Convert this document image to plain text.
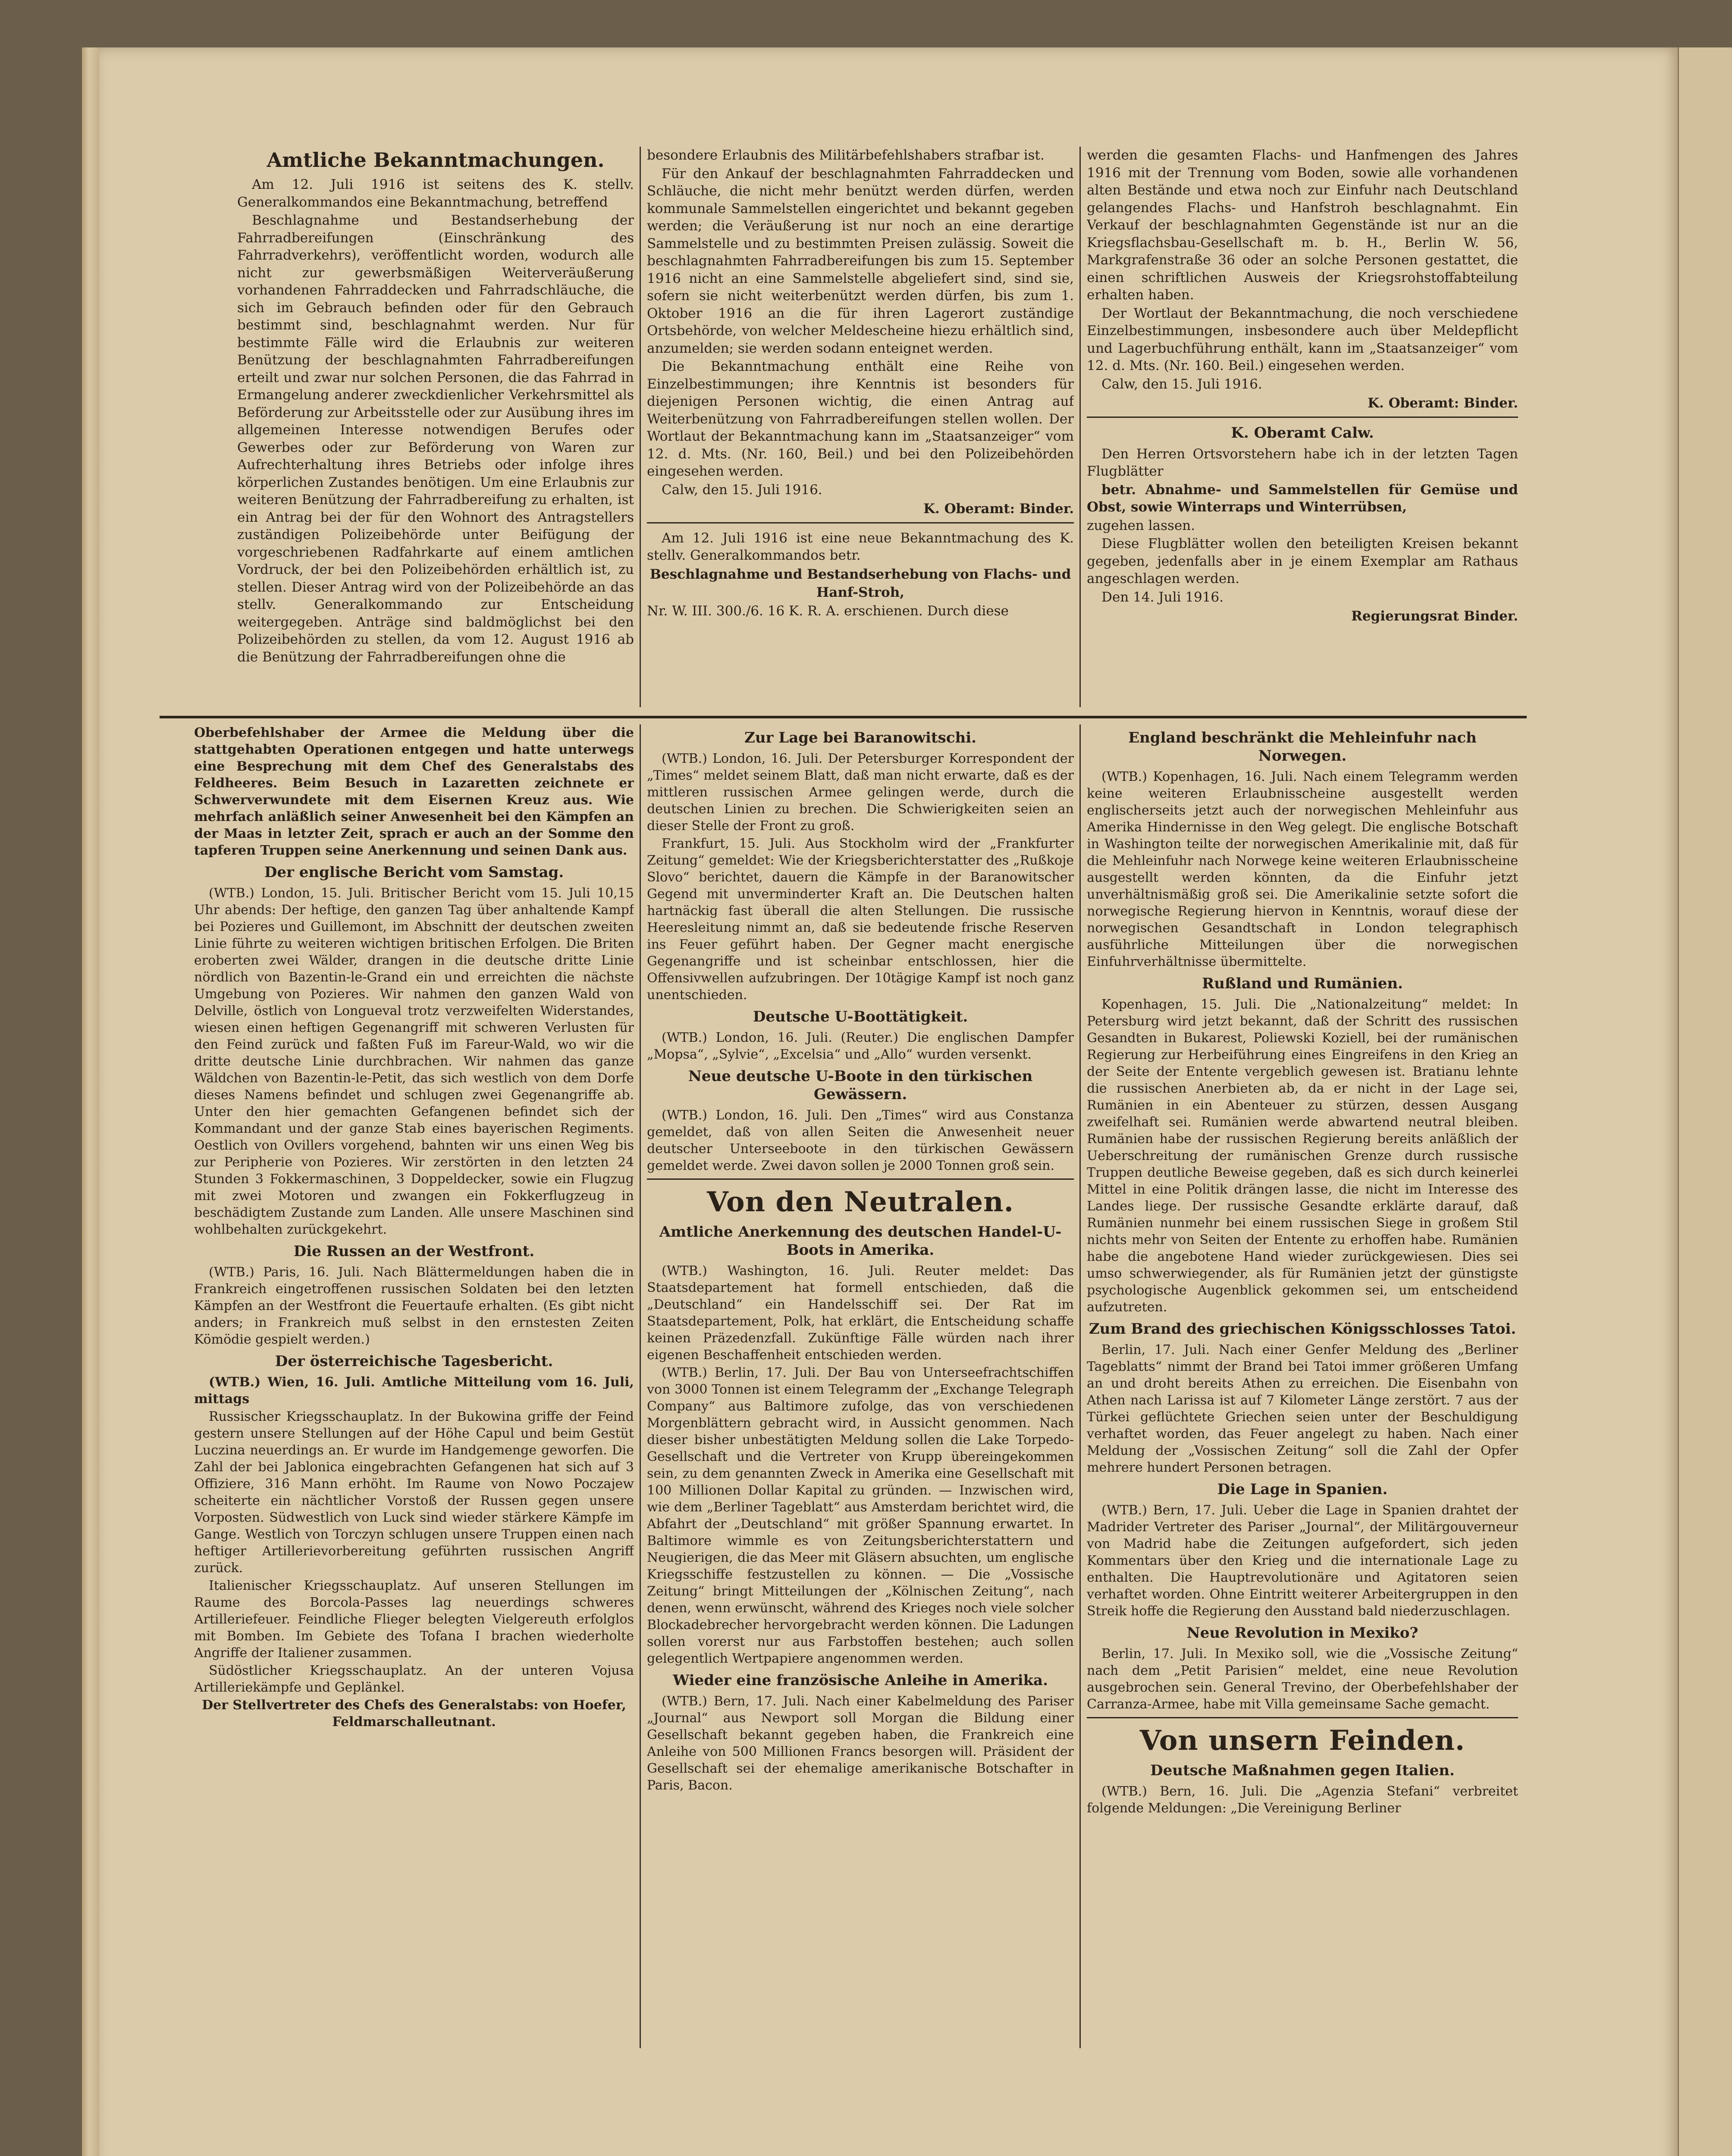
Amtliche Bekanntmachungen.

Am 12. Juli 1916 ist seitens des K. stellv. Generalkommandos eine Bekanntmachung, betreffend

Beschlagnahme und Bestandserhebung der Fahrradbereifungen (Einschränkung des Fahrradverkehrs), veröffentlicht worden, wodurch alle nicht zur gewerbsmäßigen Weiterveräußerung vorhandenen Fahrraddecken und Fahrradschläuche, die sich im Gebrauch befinden oder für den Gebrauch bestimmt sind, beschlagnahmt werden. Nur für bestimmte Fälle wird die Erlaubnis zur weiteren Benützung der beschlagnahmten Fahrradbereifungen erteilt und zwar nur solchen Personen, die das Fahrrad in Ermangelung anderer zweckdienlicher Verkehrsmittel als Beförderung zur Arbeitsstelle oder zur Ausübung ihres im allgemeinen Interesse notwendigen Berufes oder Gewerbes oder zur Beförderung von Waren zur Aufrechterhaltung ihres Betriebs oder infolge ihres körperlichen Zustandes benötigen. Um eine Erlaubnis zur weiteren Benützung der Fahrradbereifung zu erhalten, ist ein Antrag bei der für den Wohnort des Antragstellers zuständigen Polizeibehörde unter Beifügung der vorgeschriebenen Radfahrkarte auf einem amtlichen Vordruck, der bei den Polizeibehörden erhältlich ist, zu stellen. Dieser Antrag wird von der Polizeibehörde an das stellv. Generalkommando zur Entscheidung weitergegeben. Anträge sind baldmöglichst bei den Polizeibehörden zu stellen, da vom 12. August 1916 ab die Benützung der Fahrradbereifungen ohne die

besondere Erlaubnis des Militärbefehlshabers strafbar ist.

Für den Ankauf der beschlagnahmten Fahrraddecken und Schläuche, die nicht mehr benützt werden dürfen, werden kommunale Sammelstellen eingerichtet und bekannt gegeben werden; die Veräußerung ist nur noch an eine derartige Sammelstelle und zu bestimmten Preisen zulässig. Soweit die beschlagnahmten Fahrradbereifungen bis zum 15. September 1916 nicht an eine Sammelstelle abgeliefert sind, sind sie, sofern sie nicht weiterbenützt werden dürfen, bis zum 1. Oktober 1916 an die für ihren Lagerort zuständige Ortsbehörde, von welcher Meldescheine hiezu erhältlich sind, anzumelden; sie werden sodann enteignet werden.

Die Bekanntmachung enthält eine Reihe von Einzelbestimmungen; ihre Kenntnis ist besonders für diejenigen Personen wichtig, die einen Antrag auf Weiterbenützung von Fahrradbereifungen stellen wollen. Der Wortlaut der Bekanntmachung kann im „Staatsanzeiger“ vom 12. d. Mts. (Nr. 160, Beil.) und bei den Polizeibehörden eingesehen werden.

Calw, den 15. Juli 1916.
K. Oberamt: Binder.

Am 12. Juli 1916 ist eine neue Bekanntmachung des K. stellv. Generalkommandos betr.

Beschlagnahme und Bestandserhebung von Flachs- und Hanf-Stroh,

Nr. W. III. 300./6. 16 K. R. A. erschienen. Durch diese

werden die gesamten Flachs- und Hanfmengen des Jahres 1916 mit der Trennung vom Boden, sowie alle vorhandenen alten Bestände und etwa noch zur Einfuhr nach Deutschland gelangendes Flachs- und Hanfstroh beschlagnahmt. Ein Verkauf der beschlagnahmten Gegenstände ist nur an die Kriegsflachsbau-Gesellschaft m. b. H., Berlin W. 56, Markgrafenstraße 36 oder an solche Personen gestattet, die einen schriftlichen Ausweis der Kriegsrohstoffabteilung erhalten haben.

Der Wortlaut der Bekanntmachung, die noch verschiedene Einzelbestimmungen, insbesondere auch über Meldepflicht und Lagerbuchführung enthält, kann im „Staatsanzeiger“ vom 12. d. Mts. (Nr. 160. Beil.) eingesehen werden.

Calw, den 15. Juli 1916.
K. Oberamt: Binder.
K. Oberamt Calw.

Den Herren Ortsvorstehern habe ich in der letzten Tagen Flugblätter

betr. Abnahme- und Sammelstellen für Gemüse und Obst, sowie Winterraps und Winterrübsen,

zugehen lassen.

Diese Flugblätter wollen den beteiligten Kreisen bekannt gegeben, jedenfalls aber in je einem Exemplar am Rathaus angeschlagen werden.

Den 14. Juli 1916.
Regierungsrat Binder.

Oberbefehlshaber der Armee die Meldung über die stattgehabten Operationen entgegen und hatte unterwegs eine Besprechung mit dem Chef des Generalstabs des Feldheeres. Beim Besuch in Lazaretten zeichnete er Schwerverwundete mit dem Eisernen Kreuz aus. Wie mehrfach anläßlich seiner Anwesenheit bei den Kämpfen an der Maas in letzter Zeit, sprach er auch an der Somme den tapferen Truppen seine Anerkennung und seinen Dank aus.

Der englische Bericht vom Samstag.

(WTB.) London, 15. Juli. Britischer Bericht vom 15. Juli 10,15 Uhr abends: Der heftige, den ganzen Tag über anhaltende Kampf bei Pozieres und Guillemont, im Abschnitt der deutschen zweiten Linie führte zu weiteren wichtigen britischen Erfolgen. Die Briten eroberten zwei Wälder, drangen in die deutsche dritte Linie nördlich von Bazentin-le-Grand ein und erreichten die nächste Umgebung von Pozieres. Wir nahmen den ganzen Wald von Delville, östlich von Longueval trotz verzweifelten Widerstandes, wiesen einen heftigen Gegenangriff mit schweren Verlusten für den Feind zurück und faßten Fuß im Fareur-Wald, wo wir die dritte deutsche Linie durchbrachen. Wir nahmen das ganze Wäldchen von Bazentin-le-Petit, das sich westlich von dem Dorfe dieses Namens befindet und schlugen zwei Gegenangriffe ab. Unter den hier gemachten Gefangenen befindet sich der Kommandant und der ganze Stab eines bayerischen Regiments. Oestlich von Ovillers vorgehend, bahnten wir uns einen Weg bis zur Peripherie von Pozieres. Wir zerstörten in den letzten 24 Stunden 3 Fokkermaschinen, 3 Doppeldecker, sowie ein Flugzug mit zwei Motoren und zwangen ein Fokkerflugzeug in beschädigtem Zustande zum Landen. Alle unsere Maschinen sind wohlbehalten zurückgekehrt.

Die Russen an der Westfront.

(WTB.) Paris, 16. Juli. Nach Blättermeldungen haben die in Frankreich eingetroffenen russischen Soldaten bei den letzten Kämpfen an der Westfront die Feuertaufe erhalten. (Es gibt nicht anders; in Frankreich muß selbst in den ernstesten Zeiten Kömödie gespielt werden.)

Der österreichische Tagesbericht.

(WTB.) Wien, 16. Juli. Amtliche Mitteilung vom 16. Juli, mittags

Russischer Kriegsschauplatz. In der Bukowina griffe der Feind gestern unsere Stellungen auf der Höhe Capul und beim Gestüt Luczina neuerdings an. Er wurde im Handgemenge geworfen. Die Zahl der bei Jablonica eingebrachten Gefangenen hat sich auf 3 Offiziere, 316 Mann erhöht. Im Raume von Nowo Poczajew scheiterte ein nächtlicher Vorstoß der Russen gegen unsere Vorposten. Südwestlich von Luck sind wieder stärkere Kämpfe im Gange. Westlich von Torczyn schlugen unsere Truppen einen nach heftiger Artillerievorbereitung geführten russischen Angriff zurück.

Italienischer Kriegsschauplatz. Auf unseren Stellungen im Raume des Borcola-Passes lag neuerdings schweres Artilleriefeuer. Feindliche Flieger belegten Vielgereuth erfolglos mit Bomben. Im Gebiete des Tofana I brachen wiederholte Angriffe der Italiener zusammen.

Südöstlicher Kriegsschauplatz. An der unteren Vojusa Artilleriekämpfe und Geplänkel.

Der Stellvertreter des Chefs des Generalstabs: von Hoefer, Feldmarschalleutnant.

Zur Lage bei Baranowitschi.

(WTB.) London, 16. Juli. Der Petersburger Korrespondent der „Times“ meldet seinem Blatt, daß man nicht erwarte, daß es der mittleren russischen Armee gelingen werde, durch die deutschen Linien zu brechen. Die Schwierigkeiten seien an dieser Stelle der Front zu groß.

Frankfurt, 15. Juli. Aus Stockholm wird der „Frankfurter Zeitung“ gemeldet: Wie der Kriegsberichterstatter des „Rußkoje Slovo“ berichtet, dauern die Kämpfe in der Baranowitscher Gegend mit unverminderter Kraft an. Die Deutschen halten hartnäckig fast überall die alten Stellungen. Die russische Heeresleitung nimmt an, daß sie bedeutende frische Reserven ins Feuer geführt haben. Der Gegner macht energische Gegenangriffe und ist scheinbar entschlossen, hier die Offensivwellen aufzubringen. Der 10tägige Kampf ist noch ganz unentschieden.

Deutsche U-Boottätigkeit.

(WTB.) London, 16. Juli. (Reuter.) Die englischen Dampfer „Mopsa“, „Sylvie“, „Excelsia“ und „Allo“ wurden versenkt.

Neue deutsche U-Boote in den türkischen Gewässern.

(WTB.) London, 16. Juli. Den „Times“ wird aus Constanza gemeldet, daß von allen Seiten die Anwesenheit neuer deutscher Unterseeboote in den türkischen Gewässern gemeldet werde. Zwei davon sollen je 2000 Tonnen groß sein.

Von den Neutralen.
Amtliche Anerkennung des deutschen Handel-U-Boots in Amerika.

(WTB.) Washington, 16. Juli. Reuter meldet: Das Staatsdepartement hat formell entschieden, daß die „Deutschland“ ein Handelsschiff sei. Der Rat im Staatsdepartement, Polk, hat erklärt, die Entscheidung schaffe keinen Präzedenzfall. Zukünftige Fälle würden nach ihrer eigenen Beschaffenheit entschieden werden.

(WTB.) Berlin, 17. Juli. Der Bau von Unterseefrachtschiffen von 3000 Tonnen ist einem Telegramm der „Exchange Telegraph Company“ aus Baltimore zufolge, das von verschiedenen Morgenblättern gebracht wird, in Aussicht genommen. Nach dieser bisher unbestätigten Meldung sollen die Lake Torpedo-Gesellschaft und die Vertreter von Krupp übereingekommen sein, zu dem genannten Zweck in Amerika eine Gesellschaft mit 100 Millionen Dollar Kapital zu gründen. — Inzwischen wird, wie dem „Berliner Tageblatt“ aus Amsterdam berichtet wird, die Abfahrt der „Deutschland“ mit größer Spannung erwartet. In Baltimore wimmle es von Zeitungsberichterstattern und Neugierigen, die das Meer mit Gläsern absuchten, um englische Kriegsschiffe festzustellen zu können. — Die „Vossische Zeitung“ bringt Mitteilungen der „Kölnischen Zeitung“, nach denen, wenn erwünscht, während des Krieges noch viele solcher Blockadebrecher hervorgebracht werden können. Die Ladungen sollen vorerst nur aus Farbstoffen bestehen; auch sollen gelegentlich Wertpapiere angenommen werden.

Wieder eine französische Anleihe in Amerika.

(WTB.) Bern, 17. Juli. Nach einer Kabelmeldung des Pariser „Journal“ aus Newport soll Morgan die Bildung einer Gesellschaft bekannt gegeben haben, die Frankreich eine Anleihe von 500 Millionen Francs besorgen will. Präsident der Gesellschaft sei der ehemalige amerikanische Botschafter in Paris, Bacon.

England beschränkt die Mehleinfuhr nach Norwegen.

(WTB.) Kopenhagen, 16. Juli. Nach einem Telegramm werden keine weiteren Erlaubnisscheine ausgestellt werden englischerseits jetzt auch der norwegischen Mehleinfuhr aus Amerika Hindernisse in den Weg gelegt. Die englische Botschaft in Washington teilte der norwegischen Amerikalinie mit, daß für die Mehleinfuhr nach Norwege keine weiteren Erlaubnisscheine ausgestellt werden könnten, da die Einfuhr jetzt unverhältnismäßig groß sei. Die Amerikalinie setzte sofort die norwegische Regierung hiervon in Kenntnis, worauf diese der norwegischen Gesandtschaft in London telegraphisch ausführliche Mitteilungen über die norwegischen Einfuhrverhältnisse übermittelte.

Rußland und Rumänien.

Kopenhagen, 15. Juli. Die „Nationalzeitung“ meldet: In Petersburg wird jetzt bekannt, daß der Schritt des russischen Gesandten in Bukarest, Poliewski Koziell, bei der rumänischen Regierung zur Herbeiführung eines Eingreifens in den Krieg an der Seite der Entente vergeblich gewesen ist. Bratianu lehnte die russischen Anerbieten ab, da er nicht in der Lage sei, Rumänien in ein Abenteuer zu stürzen, dessen Ausgang zweifelhaft sei. Rumänien werde abwartend neutral bleiben. Rumänien habe der russischen Regierung bereits anläßlich der Ueberschreitung der rumänischen Grenze durch russische Truppen deutliche Beweise gegeben, daß es sich durch keinerlei Mittel in eine Politik drängen lasse, die nicht im Interesse des Landes liege. Der russische Gesandte erklärte darauf, daß Rumänien nunmehr bei einem russischen Siege in großem Stil nichts mehr von Seiten der Entente zu erhoffen habe. Rumänien habe die angebotene Hand wieder zurückgewiesen. Dies sei umso schwerwiegender, als für Rumänien jetzt der günstigste psychologische Augenblick gekommen sei, um entscheidend aufzutreten.

Zum Brand des griechischen Königsschlosses Tatoi.

Berlin, 17. Juli. Nach einer Genfer Meldung des „Berliner Tageblatts“ nimmt der Brand bei Tatoi immer größeren Umfang an und droht bereits Athen zu erreichen. Die Eisenbahn von Athen nach Larissa ist auf 7 Kilometer Länge zerstört. 7 aus der Türkei geflüchtete Griechen seien unter der Beschuldigung verhaftet worden, das Feuer angelegt zu haben. Nach einer Meldung der „Vossischen Zeitung“ soll die Zahl der Opfer mehrere hundert Personen betragen.

Die Lage in Spanien.

(WTB.) Bern, 17. Juli. Ueber die Lage in Spanien drahtet der Madrider Vertreter des Pariser „Journal“, der Militärgouverneur von Madrid habe die Zeitungen aufgefordert, sich jeden Kommentars über den Krieg und die internationale Lage zu enthalten. Die Hauptrevolutionäre und Agitatoren seien verhaftet worden. Ohne Eintritt weiterer Arbeitergruppen in den Streik hoffe die Regierung den Ausstand bald niederzuschlagen.

Neue Revolution in Mexiko?

Berlin, 17. Juli. In Mexiko soll, wie die „Vossische Zeitung“ nach dem „Petit Parisien“ meldet, eine neue Revolution ausgebrochen sein. General Trevino, der Oberbefehlshaber der Carranza-Armee, habe mit Villa gemeinsame Sache gemacht.

Von unsern Feinden.
Deutsche Maßnahmen gegen Italien.

(WTB.) Bern, 16. Juli. Die „Agenzia Stefani“ verbreitet folgende Meldungen: „Die Vereinigung Berliner
